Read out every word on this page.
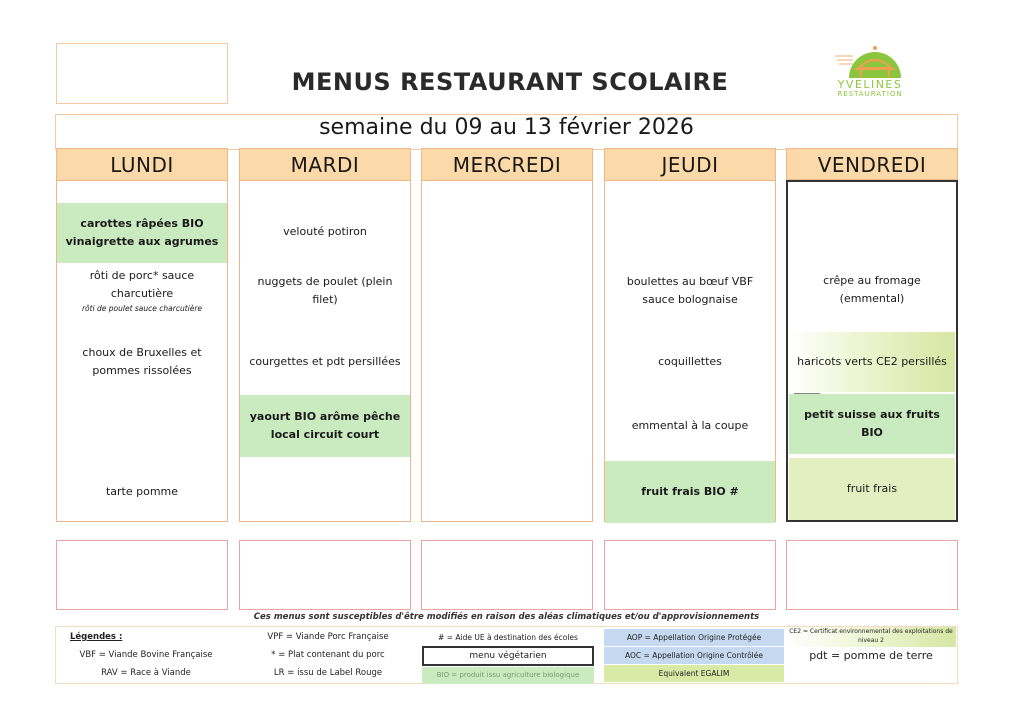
MENUS RESTAURANT SCOLAIRE	YVELINES
RESTAURATION
semaine du 09 au 13 février 2026
LUNDI
carottes râpées BIO vinaigrette aux agrumes
rôti de porc* sauce charcutière
rôti de poulet sauce charcutière
choux de Bruxelles et pommes rissolées
tarte pomme
MARDI
velouté potiron
nuggets de poulet (plein filet)
courgettes et pdt persillées
yaourt BIO arôme pêche local circuit court
MERCREDI	JEUDI
boulettes au bœuf VBF sauce bolognaise
coquillettes
emmental à la coupe
fruit frais BIO #
VENDREDI
crêpe au fromage (emmental)
haricots verts CE2 persillés
petit suisse aux fruits BIO
fruit frais
Ces menus sont susceptibles d'être modifiés en raison des aléas climatiques et/ou d'approvisionnements
Légendes :
VBF = Viande Bovine Française
RAV = Race à Viande
VPF = Viande Porc Française
* = Plat contenant du porc
LR = issu de Label Rouge
# = Aide UE à destination des écoles
menu végétarien
BIO = produit issu agriculture biologique
AOP = Appellation Origine Protégée
AOC = Appellation Origine Contrôlée
Equivalent EGALIM
CE2 = Certificat environnemental des exploitations de niveau 2
pdt = pomme de terre
